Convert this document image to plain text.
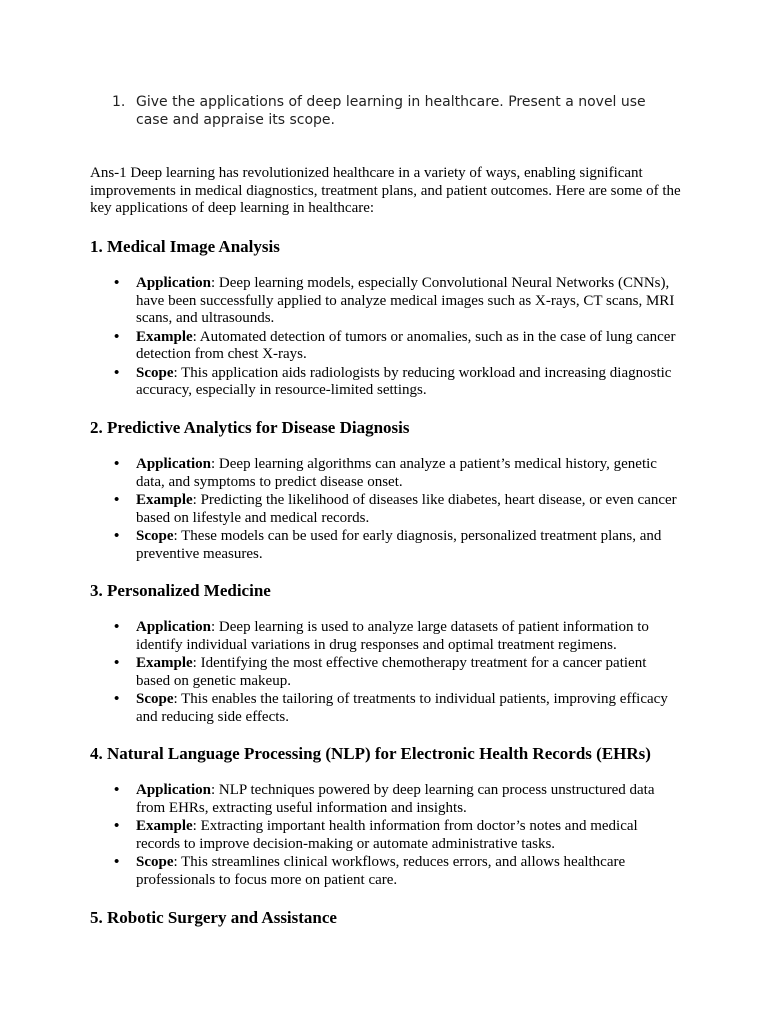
1. Give the applications of deep learning in healthcare. Present a novel use case and appraise its scope.
Ans-1 Deep learning has revolutionized healthcare in a variety of ways, enabling significant improvements in medical diagnostics, treatment plans, and patient outcomes. Here are some of the key applications of deep learning in healthcare:
1. Medical Image Analysis
• Application: Deep learning models, especially Convolutional Neural Networks (CNNs), have been successfully applied to analyze medical images such as X-rays, CT scans, MRI scans, and ultrasounds.
• Example: Automated detection of tumors or anomalies, such as in the case of lung cancer detection from chest X-rays.
• Scope: This application aids radiologists by reducing workload and increasing diagnostic accuracy, especially in resource-limited settings.
2. Predictive Analytics for Disease Diagnosis
• Application: Deep learning algorithms can analyze a patient’s medical history, genetic data, and symptoms to predict disease onset.
• Example: Predicting the likelihood of diseases like diabetes, heart disease, or even cancer based on lifestyle and medical records.
• Scope: These models can be used for early diagnosis, personalized treatment plans, and preventive measures.
3. Personalized Medicine
• Application: Deep learning is used to analyze large datasets of patient information to identify individual variations in drug responses and optimal treatment regimens.
• Example: Identifying the most effective chemotherapy treatment for a cancer patient based on genetic makeup.
• Scope: This enables the tailoring of treatments to individual patients, improving efficacy and reducing side effects.
4. Natural Language Processing (NLP) for Electronic Health Records (EHRs)
• Application: NLP techniques powered by deep learning can process unstructured data from EHRs, extracting useful information and insights.
• Example: Extracting important health information from doctor’s notes and medical records to improve decision-making or automate administrative tasks.
• Scope: This streamlines clinical workflows, reduces errors, and allows healthcare professionals to focus more on patient care.
5. Robotic Surgery and Assistance
